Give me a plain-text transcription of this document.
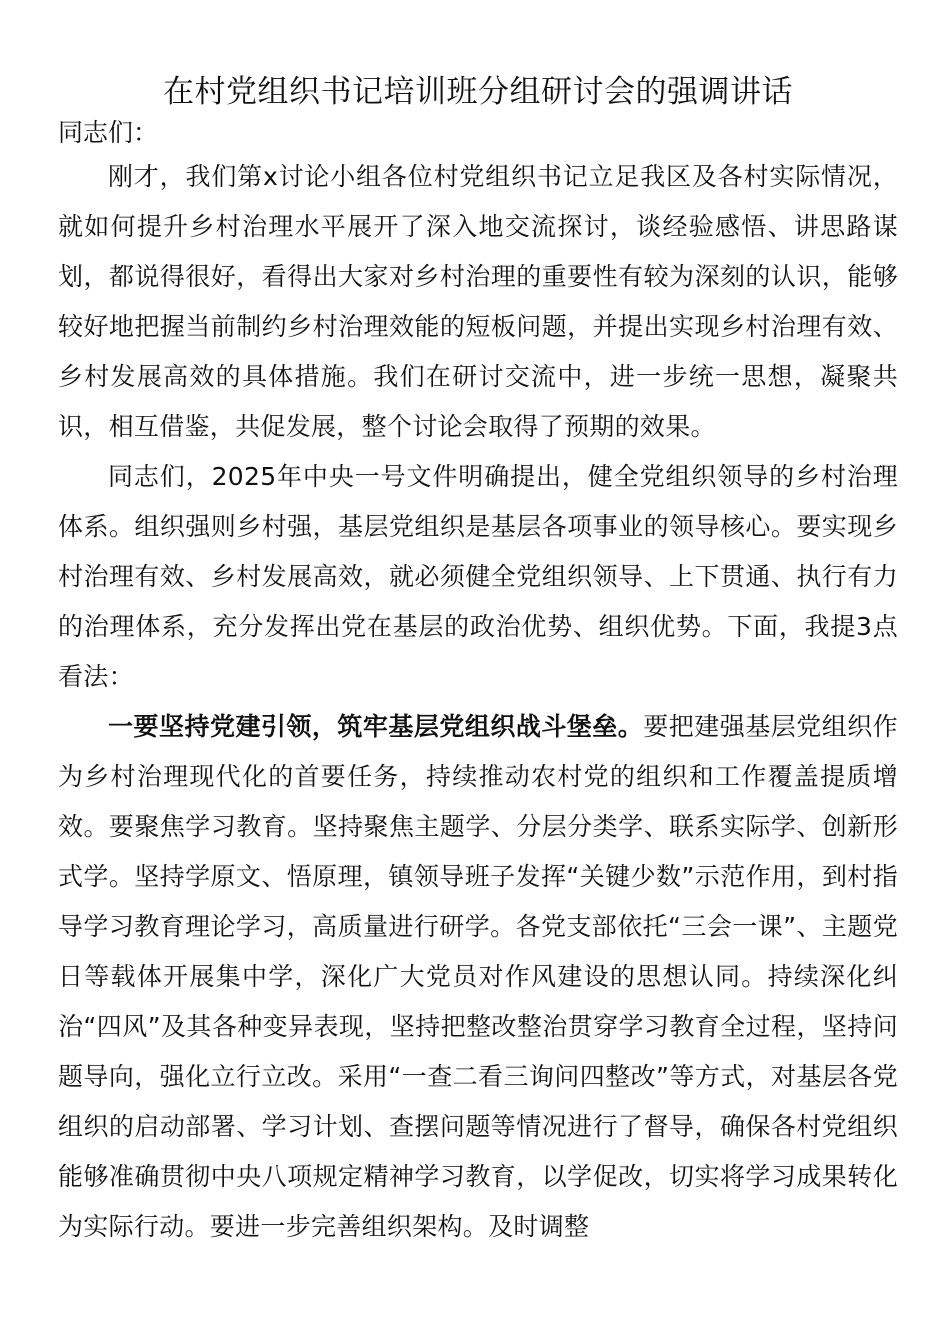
在村党组织书记培训班分组研讨会的强调讲话

同志们：

刚才，我们第x讨论小组各位村党组织书记立足我区及各村实际情况，就如何提升乡村治理水平展开了深入地交流探讨，谈经验感悟、讲思路谋划，都说得很好，看得出大家对乡村治理的重要性有较为深刻的认识，能够较好地把握当前制约乡村治理效能的短板问题，并提出实现乡村治理有效、乡村发展高效的具体措施。我们在研讨交流中，进一步统一思想，凝聚共识，相互借鉴，共促发展，整个讨论会取得了预期的效果。

同志们，2025年中央一号文件明确提出，健全党组织领导的乡村治理体系。组织强则乡村强，基层党组织是基层各项事业的领导核心。要实现乡村治理有效、乡村发展高效，就必须健全党组织领导、上下贯通、执行有力的治理体系，充分发挥出党在基层的政治优势、组织优势。下面，我提3点看法：

一要坚持党建引领，筑牢基层党组织战斗堡垒。要把建强基层党组织作为乡村治理现代化的首要任务，持续推动农村党的组织和工作覆盖提质增效。要聚焦学习教育。坚持聚焦主题学、分层分类学、联系实际学、创新形式学。坚持学原文、悟原理，镇领导班子发挥“关键少数”示范作用，到村指导学习教育理论学习，高质量进行研学。各党支部依托“三会一课”、主题党日等载体开展集中学，深化广大党员对作风建设的思想认同。持续深化纠治“四风”及其各种变异表现，坚持把整改整治贯穿学习教育全过程，坚持问题导向，强化立行立改。采用“一查二看三询问四整改”等方式，对基层各党组织的启动部署、学习计划、查摆问题等情况进行了督导，确保各村党组织能够准确贯彻中央八项规定精神学习教育，以学促改，切实将学习成果转化为实际行动。要进一步完善组织架构。及时调整
